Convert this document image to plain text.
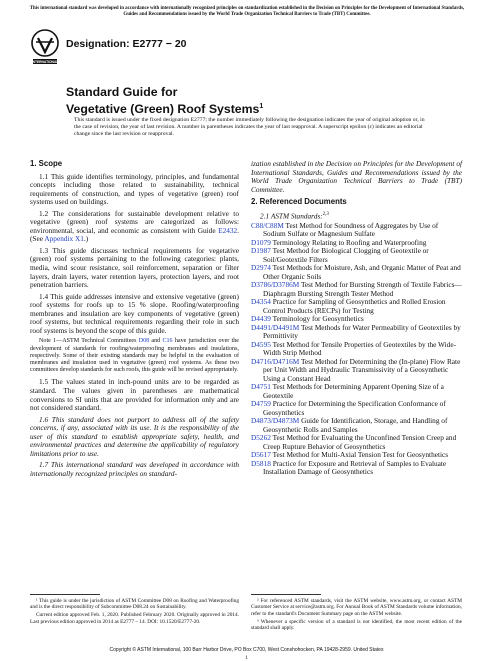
This international standard was developed in accordance with internationally recognized principles on standardization established in the Decision on Principles for the Development of International Standards, Guides and Recommendations issued by the World Trade Organization Technical Barriers to Trade (TBT) Committee.
INTERNATIONAL
Designation: E2777 − 20
Standard Guide for
Vegetative (Green) Roof Systems$^1$
This standard is issued under the fixed designation E2777; the number immediately following the designation indicates the year of original adoption or, in the case of revision, the year of last revision. A number in parentheses indicates the year of last reapproval. A superscript epsilon (ε) indicates an editorial change since the last revision or reapproval.
1. Scope

1.1 This guide identifies terminology, principles, and fundamental concepts including those related to sustainability, technical requirements of construction, and types of vegetative (green) roof systems used on buildings.

1.2 The considerations for sustainable development relative to vegetative (green) roof systems are categorized as follows: environmental, social, and economic as consistent with Guide E2432. (See Appendix X1.)

1.3 This guide discusses technical requirements for vegetative (green) roof systems pertaining to the following categories: plants, media, wind scour resistance, soil reinforcement, separation or filter layers, drain layers, water retention layers, protection layers, and root penetration barriers.

1.4 This guide addresses intensive and extensive vegetative (green) roof systems for roofs up to 15 % slope. Roofing/waterproofing membranes and insulation are key components of vegetative (green) roof systems, but technical requirements regarding their role in such roof systems is beyond the scope of this guide.

Note 1—ASTM Technical Committees D08 and C16 have jurisdiction over the development of standards for roofing/waterproofing membranes and insulations, respectively. Some of their existing standards may be helpful in the evaluation of membranes and insulation used in vegetative (green) roof systems. As these two committees develop standards for such roofs, this guide will be revised appropriately.

1.5 The values stated in inch-pound units are to be regarded as standard. The values given in parentheses are mathematical conversions to SI units that are provided for information only and are not considered standard.

1.6 This standard does not purport to address all of the safety concerns, if any, associated with its use. It is the responsibility of the user of this standard to establish appropriate safety, health, and environmental practices and determine the applicability of regulatory limitations prior to use.

1.7 This international standard was developed in accordance with internationally recognized principles on standard-

ization established in the Decision on Principles for the Development of International Standards, Guides and Recommendations issued by the World Trade Organization Technical Barriers to Trade (TBT) Committee.

2. Referenced Documents

2.1 ASTM Standards:$^{2,3}$

C88/C88M Test Method for Soundness of Aggregates by Use of Sodium Sulfate or Magnesium Sulfate

D1079 Terminology Relating to Roofing and Waterproofing

D1987 Test Method for Biological Clogging of Geotextile or Soil/Geotextile Filters

D2974 Test Methods for Moisture, Ash, and Organic Matter of Peat and Other Organic Soils

D3786/D3786M Test Method for Bursting Strength of Textile Fabrics—Diaphragm Bursting Strength Tester Method

D4354 Practice for Sampling of Geosynthetics and Rolled Erosion Control Products (RECPs) for Testing

D4439 Terminology for Geosynthetics

D4491/D4491M Test Methods for Water Permeability of Geotextiles by Permittivity

D4595 Test Method for Tensile Properties of Geotextiles by the Wide-Width Strip Method

D4716/D4716M Test Method for Determining the (In-plane) Flow Rate per Unit Width and Hydraulic Transmissivity of a Geosynthetic Using a Constant Head

D4751 Test Methods for Determining Apparent Opening Size of a Geotextile

D4759 Practice for Determining the Specification Conformance of Geosynthetics

D4873/D4873M Guide for Identification, Storage, and Handling of Geosynthetic Rolls and Samples

D5262 Test Method for Evaluating the Unconfined Tension Creep and Creep Rupture Behavior of Geosynthetics

D5617 Test Method for Multi-Axial Tension Test for Geosynthetics

D5818 Practice for Exposure and Retrieval of Samples to Evaluate Installation Damage of Geosynthetics

¹ This guide is under the jurisdiction of ASTM Committee D08 on Roofing and Waterproofing and is the direct responsibility of Subcommittee D08.24 on Sustainability.

Current edition approved Feb. 1, 2020. Published February 2020. Originally approved in 2014. Last previous edition approved in 2014 as E2777 – 14. DOI: 10.1520/E2777-20.

² For referenced ASTM standards, visit the ASTM website, www.astm.org, or contact ASTM Customer Service at service@astm.org. For Annual Book of ASTM Standards volume information, refer to the standard's Document Summary page on the ASTM website.

³ Whenever a specific version of a standard is not identified, the most recent edition of the standard shall apply.

Copyright © ASTM International, 100 Barr Harbor Drive, PO Box C700, West Conshohocken, PA 19428-2959. United States
1
